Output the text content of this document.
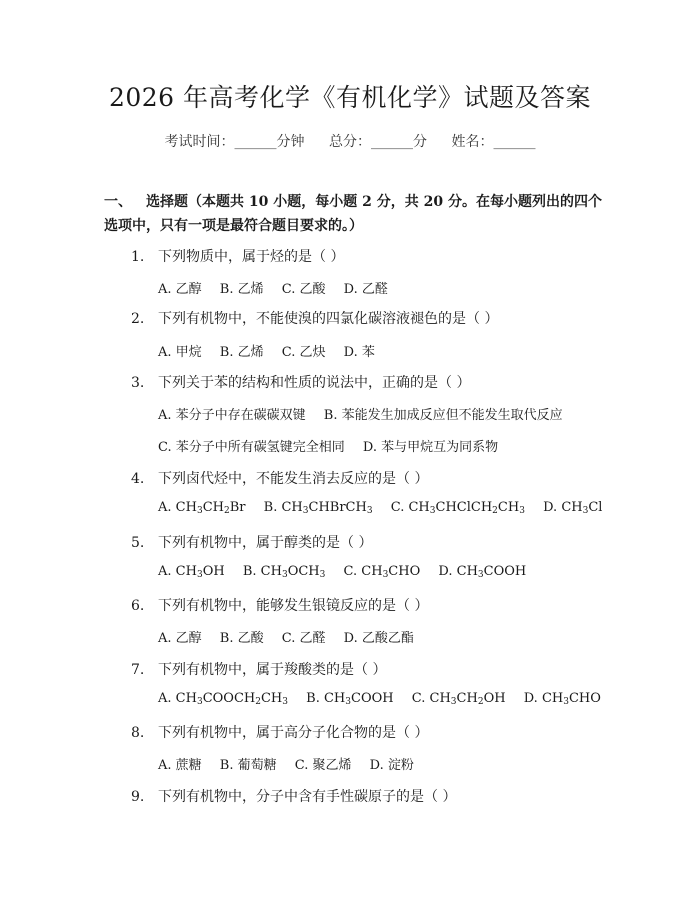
2026 年高考化学《有机化学》试题及答案
考试时间：______分钟 总分：______分 姓名：______
一、 选择题（本题共 10 小题，每小题 2 分，共 20 分。在每小题列出的四个选项中，只有一项是最符合题目要求的。）
1. 下列物质中，属于烃的是（ ）
A. 乙醇 B. 乙烯 C. 乙酸 D. 乙醛
2. 下列有机物中，不能使溴的四氯化碳溶液褪色的是（ ）
A. 甲烷 B. 乙烯 C. 乙炔 D. 苯
3. 下列关于苯的结构和性质的说法中，正确的是（ ）
A. 苯分子中存在碳碳双键 B. 苯能发生加成反应但不能发生取代反应
C. 苯分子中所有碳氢键完全相同 D. 苯与甲烷互为同系物
4. 下列卤代烃中，不能发生消去反应的是（ ）
A. $CH_3CH_2Br$ B. $CH_3CHBrCH_3$ C. $CH_3CHClCH_2CH_3$ D. $CH_3Cl$
5. 下列有机物中，属于醇类的是（ ）
A. $CH_3OH$ B. $CH_3OCH_3$ C. $CH_3CHO$ D. $CH_3COOH$
6. 下列有机物中，能够发生银镜反应的是（ ）
A. 乙醇 B. 乙酸 C. 乙醛 D. 乙酸乙酯
7. 下列有机物中，属于羧酸类的是（ ）
A. $CH_3COOCH_2CH_3$ B. $CH_3COOH$ C. $CH_3CH_2OH$ D. $CH_3CHO$
8. 下列有机物中，属于高分子化合物的是（ ）
A. 蔗糖 B. 葡萄糖 C. 聚乙烯 D. 淀粉
9. 下列有机物中，分子中含有手性碳原子的是（ ）
